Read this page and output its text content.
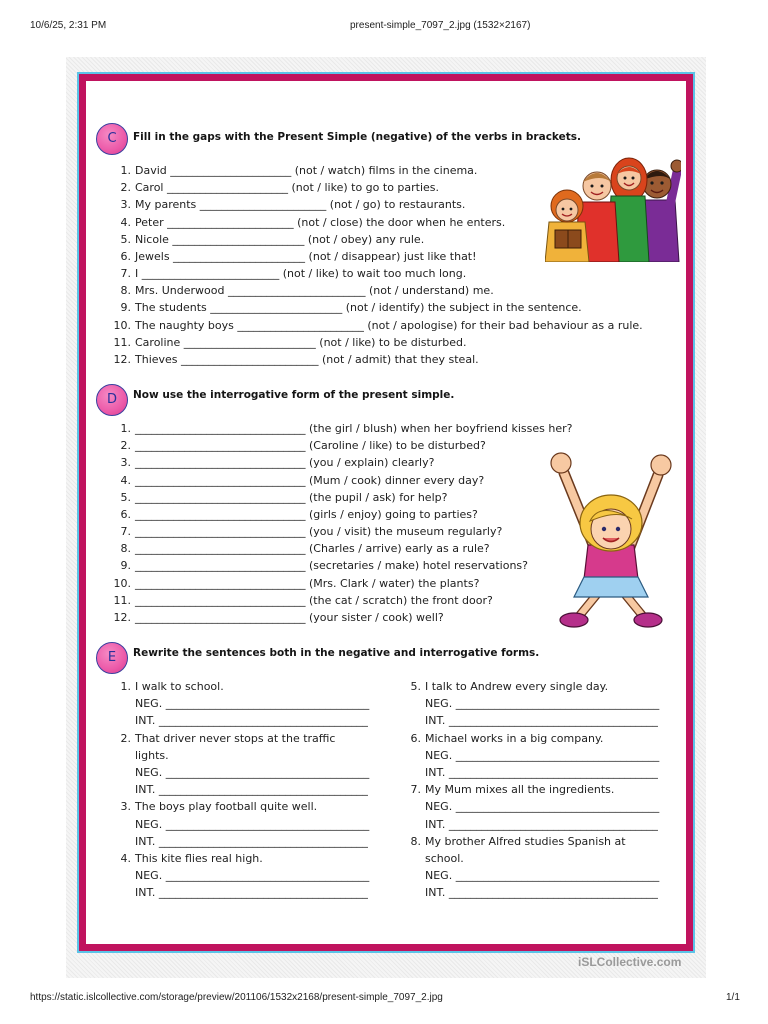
10/6/25, 2:31 PM	present-simple_7097_2.jpg (1532×2167)
C	Fill in the gaps with the Present Simple (negative) of the verbs in brackets.
1. David ______________________ (not / watch) films in the cinema.
2. Carol ______________________ (not / like) to go to parties.
3. My parents _______________________ (not / go) to restaurants.
4. Peter _______________________ (not / close) the door when he enters.
5. Nicole ________________________ (not / obey) any rule.
6. Jewels ________________________ (not / disappear) just like that!
7. I _________________________ (not / like) to wait too much long.
8. Mrs. Underwood _________________________ (not / understand) me.
9. The students ________________________ (not / identify) the subject in the sentence.
10. The naughty boys _______________________ (not / apologise) for their bad behaviour as a rule.
11. Caroline ________________________ (not / like) to be disturbed.
12. Thieves _________________________ (not / admit) that they steal.
D	Now use the interrogative form of the present simple.
1. _______________________________ (the girl / blush) when her boyfriend kisses her?
2. _______________________________ (Caroline / like) to be disturbed?
3. _______________________________ (you / explain) clearly?
4. _______________________________ (Mum / cook) dinner every day?
5. _______________________________ (the pupil / ask) for help?
6. _______________________________ (girls / enjoy) going to parties?
7. _______________________________ (you / visit) the museum regularly?
8. _______________________________ (Charles / arrive) early as a rule?
9. _______________________________ (secretaries / make) hotel reservations?
10. _______________________________ (Mrs. Clark / water) the plants?
11. _______________________________ (the cat / scratch) the front door?
12. _______________________________ (your sister / cook) well?
E	Rewrite the sentences both in the negative and interrogative forms.
1. I walk to school.
NEG. _____________________________________
INT. ______________________________________
2. That driver never stops at the traffic
lights.
NEG. _____________________________________
INT. ______________________________________
3. The boys play football quite well.
NEG. _____________________________________
INT. ______________________________________
4. This kite flies real high.
NEG. _____________________________________
INT. ______________________________________
5. I talk to Andrew every single day.
NEG. _____________________________________
INT. ______________________________________
6. Michael works in a big company.
NEG. _____________________________________
INT. ______________________________________
7. My Mum mixes all the ingredients.
NEG. _____________________________________
INT. ______________________________________
8. My brother Alfred studies Spanish at
school.
NEG. _____________________________________
INT. ______________________________________
iSLCollective.com
https://static.islcollective.com/storage/preview/201106/1532x2168/present-simple_7097_2.jpg	1/1
